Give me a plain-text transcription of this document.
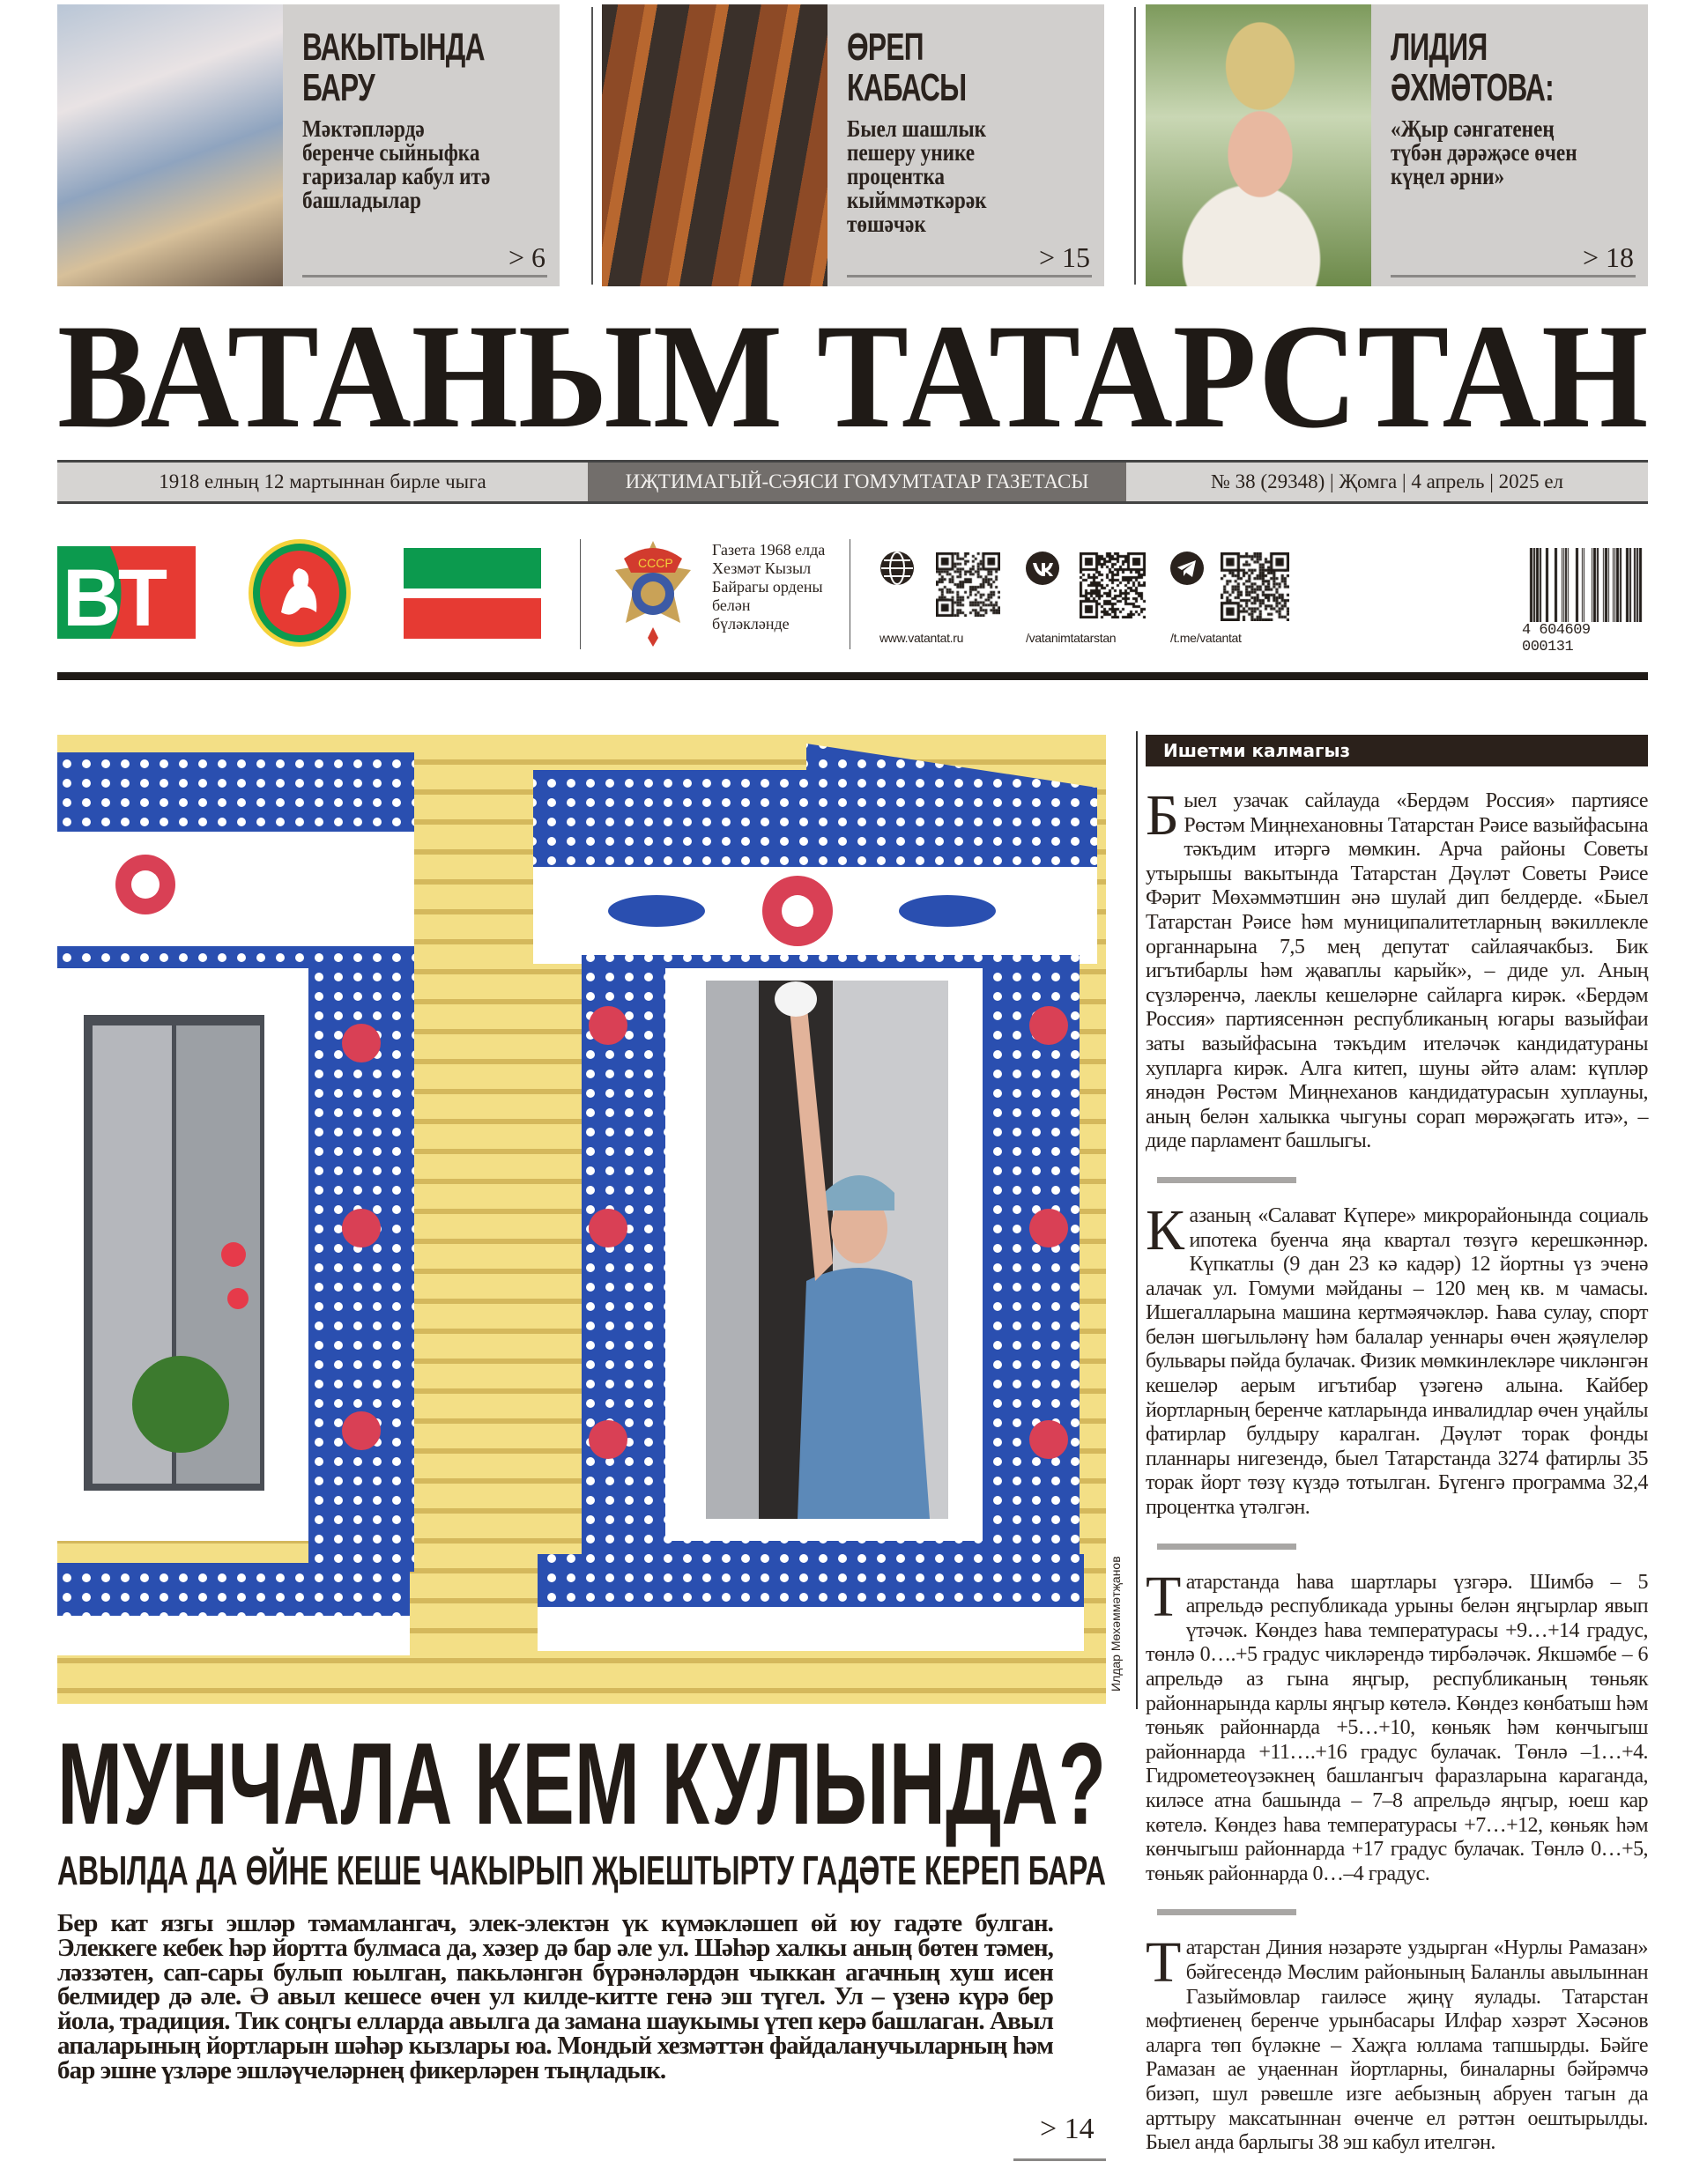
ВАКЫТЫНДА
БАРУ
Мәктәпләрдә
беренче сыйныфка
гаризалар кабул итә
башладылар
> 6
ӨРЕП
КАБАСЫ
Быел шашлык
пешеру унике
процентка
кыйммәткәрәк
төшәчәк
> 15
ЛИДИЯ
ӘХМӘТОВА:
«Җыр сәнгатенең
түбән дәрәҗәсе өчен
күңел әрни»
> 18
ВАТАНЫМ ТАТАРСТАН
1918 елның 12 мартыннан бирле чыга	ИҖТИМАГЫЙ-СӘЯСИ ГОМУМТАТАР ГАЗЕТАСЫ	№ 38 (29348) | Җомга | 4 апрель | 2025 ел
ВТ	СССР
Газета 1968 елда
Хезмәт Кызыл
Байрагы ордены
белән
бүләкләнде
www.vatantat.ru	/vatanimtatarstan	/t.me/vatantat	4 604609 000131
Илдар Мөхәммәтҗанов
МУНЧАЛА КЕМ КУЛЫНДА?
АВЫЛДА ДА ӨЙНЕ КЕШЕ ЧАКЫРЫП ҖЫЕШТЫРТУ ГАДӘТЕ КЕРЕП БАРА

Бер кат язгы эшләр тәмамлангач, элек-электән үк күмәкләшеп өй юу гадәте булган. Элеккеге кебек һәр йортта булмаса да, хәзер дә бар әле ул. Шәһәр халкы аның бөтен тәмен, ләззәтен, сап-сары булып юылган, пакьләнгән бүрәнәләрдән чыккан агачның хуш исен белмидер дә әле. Ә авыл кешесе өчен ул килде-китте генә эш түгел. Ул – үзенә күрә бер йола, традиция. Тик соңгы елларда авылга да замана шаукымы үтеп керә башлаган. Авыл апаларының йортларын шәһәр кызлары юа. Мондый хезмәттән файдаланучыларның һәм бар эшне үзләре эшләүчеләрнең фикерләрен тыңладык.

> 14
Ишетми калмагыз
Быел узачак сайлауда «Бердәм Россия» партиясе Рөстәм Миңнехановны Татарстан Рәисе вазыйфасына тәкъдим итәргә мөмкин. Арча районы Советы утырышы вакытында Татарстан Дәүләт Советы Рәисе Фәрит Мөхәммәтшин әнә шулай дип белдерде. «Быел Татарстан Рәисе һәм муниципалитетларның вәкиллекле органнарына 7,5 мең депутат сайлаячакбыз. Бик игътибарлы һәм җаваплы карыйк», – диде ул. Аның сүзләренчә, лаеклы кешеләрне сайларга кирәк. «Бердәм Россия» партиясеннән республиканың югары вазыйфаи заты вазыйфасына тәкъдим ителәчәк кандидатураны хупларга кирәк. Алга китеп, шуны әйтә алам: күпләр янәдән Рөстәм Миңнеханов кандидатурасын хуплауны, аның белән халыкка чыгуны сорап мөрәҗәгать итә», – диде парламент башлыгы.
Казаның «Салават Күпере» микрорайонында социаль ипотека буенча яңа квартал төзүгә керешкәннәр. Күпкатлы (9 дан 23 кә кадәр) 12 йортны үз эченә алачак ул. Гомуми мәйданы – 120 мең кв. м чамасы. Ишегалларына машина кертмәячәкләр. Һава сулау, спорт белән шөгыльләнү һәм балалар уеннары өчен җәяүлеләр бульвары пәйда булачак. Физик мөмкинлекләре чикләнгән кешеләр аерым игътибар үзәгенә алына. Кайбер йортларның беренче катларында инвалидлар өчен уңайлы фатирлар булдыру каралган. Дәүләт торак фонды планнары нигезендә, быел Татарстанда 3274 фатирлы 35 торак йорт төзү күздә тотылган. Бүгенгә программа 32,4 процентка үтәлгән.
Татарстанда һава шартлары үзгәрә. Шимбә – 5 апрельдә республикада урыны белән яңгырлар явып үтәчәк. Көндез һава температурасы +9…+14 градус, төнлә 0….+5 градус чикләрендә тирбәләчәк. Якшәмбе – 6 апрельдә аз гына яңгыр, республиканың төньяк районнарында карлы яңгыр көтелә. Көндез көнбатыш һәм төньяк районнарда +5…+10, көньяк һәм көнчыгыш районнарда +11….+16 градус булачак. Төнлә –1…+4. Гидрометеоүзәкнең башлангыч фаразларына караганда, киләсе атна башында – 7–8 апрельдә яңгыр, юеш кар көтелә. Көндез һава температурасы +7…+12, көньяк һәм көнчыгыш районнарда +17 градус булачак. Төнлә 0…+5, төньяк районнарда 0…–4 градус.
Татарстан Диния нәзарәте уздырган «Нурлы Рамазан» бәйгесендә Мөслим районының Баланлы авылыннан Газыймовлар гаиләсе җиңү яулады. Татарстан мөфтиенең беренче урынбасары Илфар хәзрәт Хәсәнов аларга төп бүләкне – Хаҗга юллама тапшырды. Бәйге Рамазан ае уңаеннан йортларны, биналарны бәйрәмчә бизәп, шул рәвешле изге аебызның абруен тагын да арттыру максатыннан өченче ел рәттән оештырылды. Быел анда барлыгы 38 эш кабул ителгән.
